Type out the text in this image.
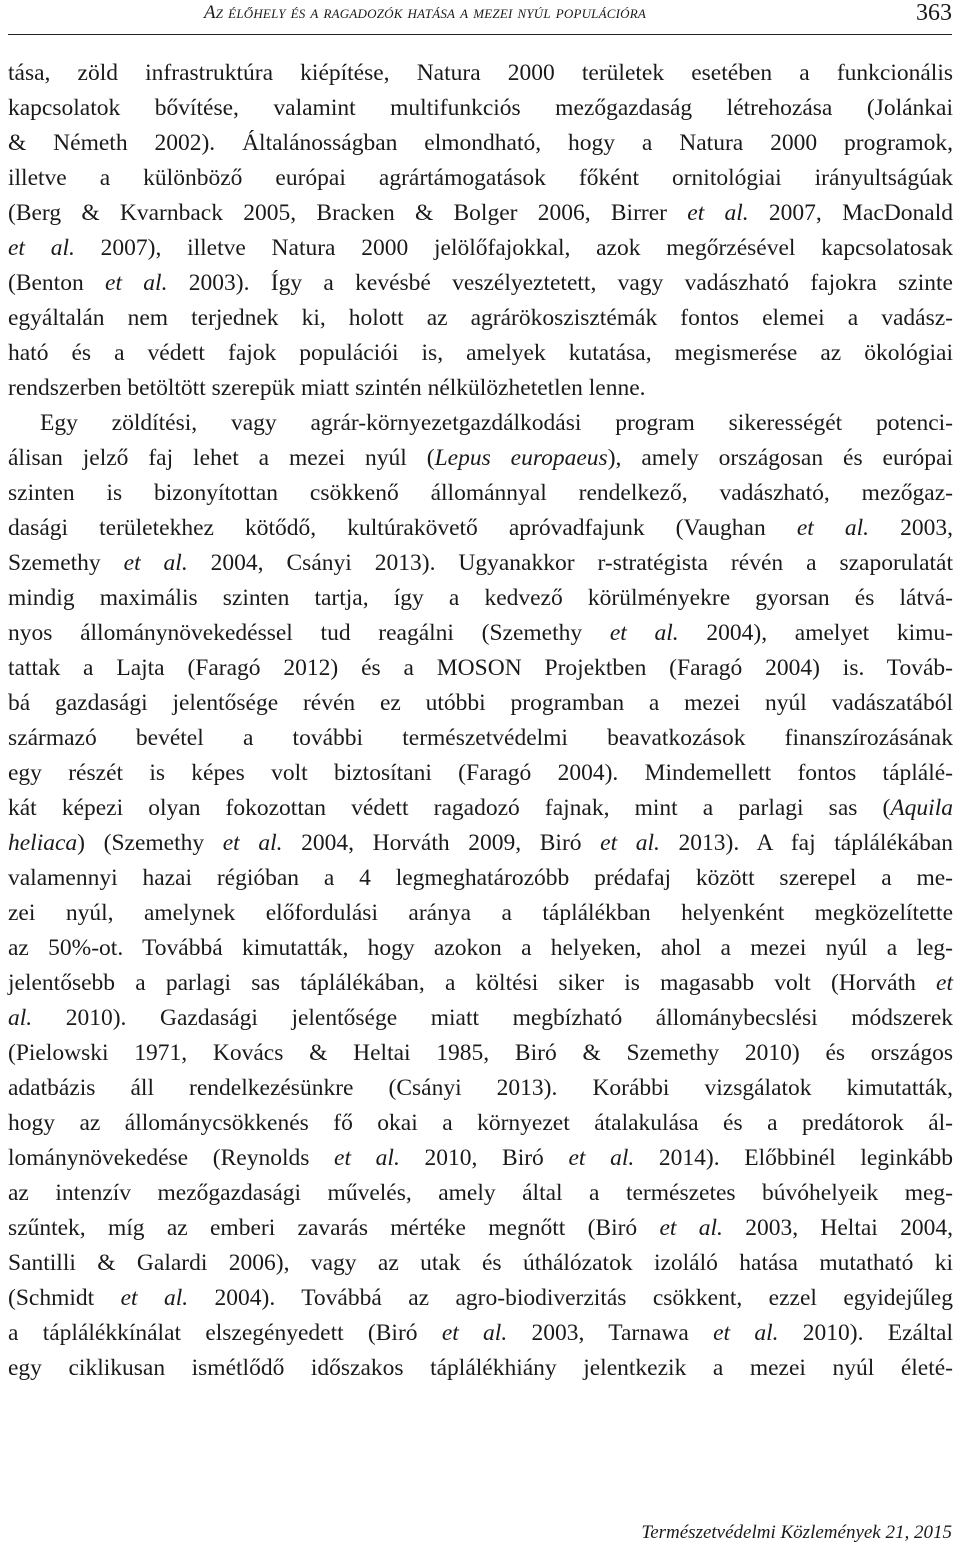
Az élőhely és a ragadozók hatása a mezei nyúl populációra	363
tása, zöld infrastruktúra kiépítése, Natura 2000 területek esetében a funkcionális
kapcsolatok bővítése, valamint multifunkciós mezőgazdaság létrehozása (Jolánkai
& Németh 2002). Általánosságban elmondható, hogy a Natura 2000 programok,
illetve a különböző európai agrártámogatások főként ornitológiai irányultságúak
(Berg & Kvarnback 2005, Bracken & Bolger 2006, Birrer et al. 2007, MacDonald
et al. 2007), illetve Natura 2000 jelölőfajokkal, azok megőrzésével kapcsolatosak
(Benton et al. 2003). Így a kevésbé veszélyeztetett, vagy vadászható fajokra szinte
egyáltalán nem terjednek ki, holott az agrárökoszisztémák fontos elemei a vadász-
ható és a védett fajok populációi is, amelyek kutatása, megismerése az ökológiai
rendszerben betöltött szerepük miatt szintén nélkülözhetetlen lenne.
Egy zöldítési, vagy agrár-környezetgazdálkodási program sikerességét potenci-
álisan jelző faj lehet a mezei nyúl (Lepus europaeus), amely országosan és európai
szinten is bizonyítottan csökkenő állománnyal rendelkező, vadászható, mezőgaz-
dasági területekhez kötődő, kultúrakövető apróvadfajunk (Vaughan et al. 2003,
Szemethy et al. 2004, Csányi 2013). Ugyanakkor r-stratégista révén a szaporulatát
mindig maximális szinten tartja, így a kedvező körülményekre gyorsan és látvá-
nyos állománynövekedéssel tud reagálni (Szemethy et al. 2004), amelyet kimu-
tattak a Lajta (Faragó 2012) és a MOSON Projektben (Faragó 2004) is. Továb-
bá gazdasági jelentősége révén ez utóbbi programban a mezei nyúl vadászatából
származó bevétel a további természetvédelmi beavatkozások finanszírozásának
egy részét is képes volt biztosítani (Faragó 2004). Mindemellett fontos táplálé-
kát képezi olyan fokozottan védett ragadozó fajnak, mint a parlagi sas (Aquila
heliaca) (Szemethy et al. 2004, Horváth 2009, Biró et al. 2013). A faj táplálékában
valamennyi hazai régióban a 4 legmeghatározóbb prédafaj között szerepel a me-
zei nyúl, amelynek előfordulási aránya a táplálékban helyenként megközelítette
az 50%-ot. Továbbá kimutatták, hogy azokon a helyeken, ahol a mezei nyúl a leg-
jelentősebb a parlagi sas táplálékában, a költési siker is magasabb volt (Horváth et
al. 2010). Gazdasági jelentősége miatt megbízható állománybecslési módszerek
(Pielowski 1971, Kovács & Heltai 1985, Biró & Szemethy 2010) és országos
adatbázis áll rendelkezésünkre (Csányi 2013). Korábbi vizsgálatok kimutatták,
hogy az állománycsökkenés fő okai a környezet átalakulása és a predátorok ál-
lománynövekedése (Reynolds et al. 2010, Biró et al. 2014). Előbbinél leginkább
az intenzív mezőgazdasági művelés, amely által a természetes búvóhelyeik meg-
szűntek, míg az emberi zavarás mértéke megnőtt (Biró et al. 2003, Heltai 2004,
Santilli & Galardi 2006), vagy az utak és úthálózatok izoláló hatása mutatható ki
(Schmidt et al. 2004). Továbbá az agro-biodiverzitás csökkent, ezzel egyidejűleg
a táplálékkínálat elszegényedett (Biró et al. 2003, Tarnawa et al. 2010). Ezáltal
egy ciklikusan ismétlődő időszakos táplálékhiány jelentkezik a mezei nyúl életé-
Természetvédelmi Közlemények 21, 2015
